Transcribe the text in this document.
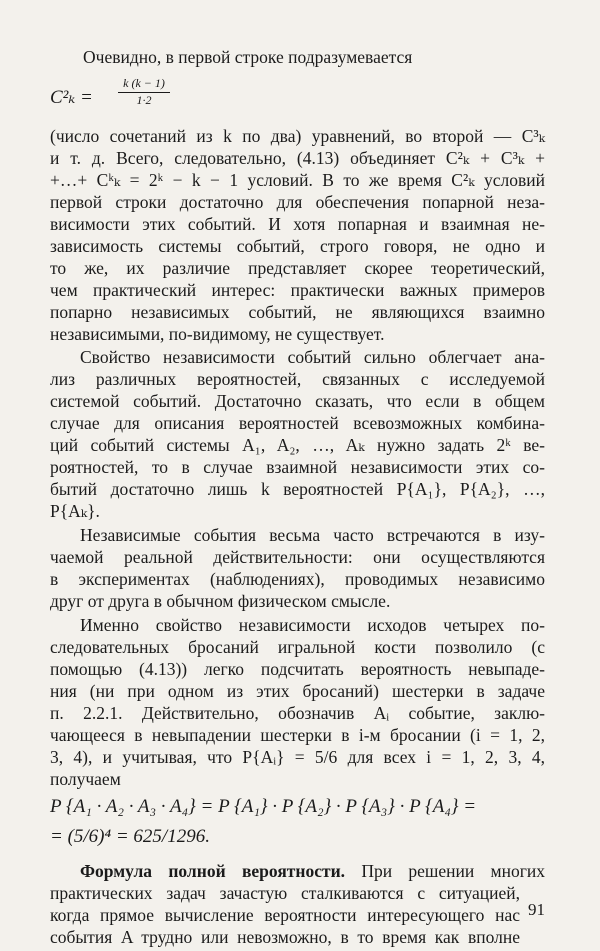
Очевидно, в первой строке подразумевается
$C^2_k = \frac{k (k - 1)}{1\cdot 2}$
(число сочетаний из k по два) уравнений, во второй — C³ₖ
и т. д. Всего, следовательно, (4.13) объединяет C²ₖ + C³ₖ +
+…+ Cᵏₖ = 2ᵏ − k − 1 условий. В то же время C²ₖ условий
первой строки достаточно для обеспечения попарной неза-
висимости этих событий. И хотя попарная и взаимная не-
зависимость системы событий, строго говоря, не одно и
то же, их различие представляет скорее теоретический,
чем практический интерес: практически важных примеров
попарно независимых событий, не являющихся взаимно
независимыми, по-видимому, не существует.
Свойство независимости событий сильно облегчает ана-
лиз различных вероятностей, связанных с исследуемой
системой событий. Достаточно сказать, что если в общем
случае для описания вероятностей всевозможных комбина-
ций событий системы A₁, A₂, …, Aₖ нужно задать 2ᵏ ве-
роятностей, то в случае взаимной независимости этих со-
бытий достаточно лишь k вероятностей P{A₁}, P{A₂}, …,
P{Aₖ}.
Независимые события весьма часто встречаются в изу-
чаемой реальной действительности: они осуществляются
в экспериментах (наблюдениях), проводимых независимо
друг от друга в обычном физическом смысле.
Именно свойство независимости исходов четырех по-
следовательных бросаний игральной кости позволило (с
помощью (4.13)) легко подсчитать вероятность невыпаде-
ния (ни при одном из этих бросаний) шестерки в задаче
п. 2.2.1. Действительно, обозначив Aᵢ событие, заклю-
чающееся в невыпадении шестерки в i-м бросании (i = 1, 2,
3, 4), и учитывая, что P{Aᵢ} = 5/6 для всех i = 1, 2, 3, 4,
получаем
P {A₁ · A₂ · A₃ · A₄} = P {A₁} · P {A₂} · P {A₃} · P {A₄} =
= (5/6)⁴ = 625/1296.
Формула полной вероятности. При решении многих
практических задач зачастую сталкиваются с ситуацией,
когда прямое вычисление вероятности интересующего нас
события A трудно или невозможно, в то время как вполне
91
